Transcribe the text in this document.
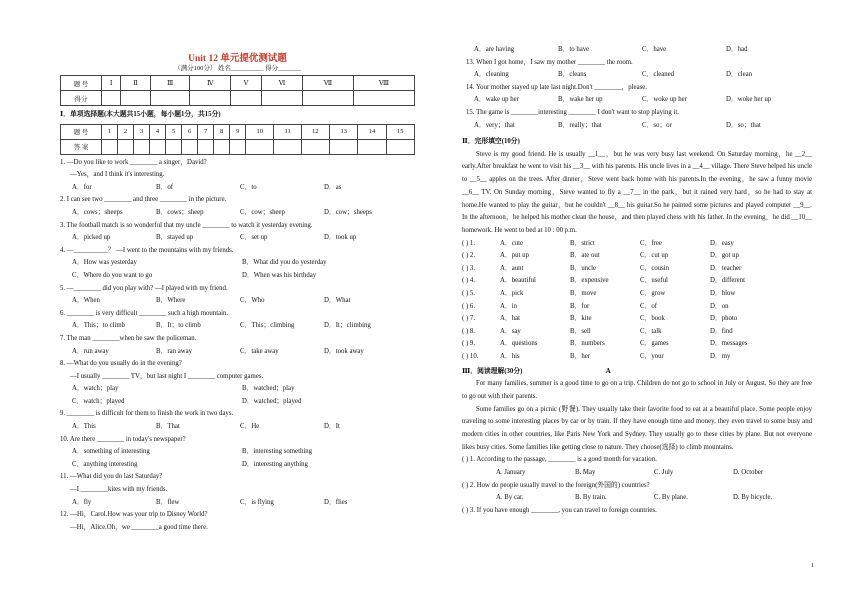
Unit 12 单元提优测试题
（满分100分） 姓名__________ 得分_______
题 号	Ⅰ	Ⅱ	Ⅲ	Ⅳ	Ⅴ	Ⅵ	Ⅶ	Ⅷ
得分								
Ⅰ．单项选择题(本大题共15小题，每小题1分，共15分)
题 号	1	2	3	4	5	6	7	8	9	10	11	12	13	14	15
答 案															
1. —Do you like to work ________ a singer，David?
—Yes，and I think it's interesting.
A．for	B．of	C．to	D．as
2. I can see two ________ and three ________ in the picture.
A．cows；sheeps	B．cows；sheep	C．cow；sheep	D．cow；sheeps
3. The football match is so wonderful that my uncle ________ to watch it yesterday evening.
A．picked up	B．stayed up	C．set up	D．took up
4. —__________？ —I went to the mountains with my friends.
A．How was yesterday	B．What did you do yesterday
C．Where do you want to go	D．When was his birthday
5. —________ did you play with? —I played with my friend.
A．When	B．Where	C．Who	D．What
6. ________ is very difficult ________ such a high mountain.
A．This；to climb	B．It；to climb	C．This；climbing	D．It；climbing
7. The man ________when he saw the policeman.
A．run away	B．ran away	C．take away	D．took away
8. —What do you usually do in the evening?
—I usually ________ TV，but last night I ________ computer games.
A．watch；play	B．watched；play
C．watch；played	D．watched；played
9. ________ is difficult for them to finish the work in two days.
A．This	B．That	C．He	D．It
10. Are there ________ in today's newspaper?
A．something of interesting	B．interesting something
C．anything interesting	D．interesting anything
11. —What did you do last Saturday?
—I ________kites with my friends.
A．fly	B．flew	C．is flying	D．flies
12. —Hi，Carol.How was your trip to Disney World?
—Hi，Alice.Oh，we ________a good time there.
A．are having	B．to have	C．have	D．had
13. When I got home，I saw my mother ________ the room.
A．cleaning	B．cleans	C．cleaned	D．clean
14. Your mother stayed up late last night.Don't ________，please.
A．wake up her	B．wake her up	C．woke up her	D．woke her up
15. The game is ________interesting ________ I don't want to stop playing it.
A．very；that	B．really；that	C．so；or	D．so；that
Ⅱ．完形填空(10分)
Steve is my good friend. He is usually __1__，but he was very busy last weekend. On Saturday morning，he __2__ early.After breakfast he went to visit his __3__ with his parents. His uncle lives in a __4__ village. There Steve helped his uncle to __5__ apples on the trees. After dinner，Steve went back home with his parents.In the evening，he saw a funny movie __6__ TV. On Sunday morning，Steve wanted to fly a __7__ in the park，but it rained very hard，so he had to stay at home.He wanted to play the guitar，but he couldn't __8__ his guitar.So he painted some pictures and played computer __9__. In the afternoon，he helped his mother clean the house，and then played chess with his father. In the evening，he did __10__ homework. He went to bed at 10 : 00 p.m.
( ) 1.	A．cute	B．strict	C．free	D．easy
( ) 2.	A．put up	B．ate out	C．cut up	D．got up
( ) 3.	A．aunt	B．uncle	C．cousin	D．teacher
( ) 4.	A．beautiful	B．expensive	C．useful	D．different
( ) 5.	A．pick	B．move	C．grow	D．blow
( ) 6.	A．in	B．for	C．of	D．on
( ) 7.	A．hat	B．kite	C．book	D．photo
( ) 8.	A．say	B．sell	C．talk	D．find
( ) 9.	A．questions	B．numbers	C．games	D．messages
( ) 10.	A．his	B．her	C．your	D．my
Ⅲ．阅读理解(30分)	A
For many families, summer is a good time to go on a trip. Children do not go to school in July or August. So they are free to go out with their parents.
Some families go on a picnic (野餐). They usually take their favorite food to eat at a beautiful place. Some people enjoy traveling to some interesting places by car or by train. If they have enough time and money, they even travel to some busy and modern cities in other countries, like Paris New York and Sydney. They usually go to these cities by plane. But not everyone likes busy cities. Some families like getting close to nature. They choose(选择) to climb mountains.
( ) 1. According to the passage, ________ is a good month for vacation.
A. January	B. May	C. July	D. October
( ) 2. How do people usually travel to the foreign(外国的) countries?
A. By car.	B. By train.	C. By plane.	D. By bicycle.
( ) 3. If you have enough ________, you can travel to foreign countries.
1
